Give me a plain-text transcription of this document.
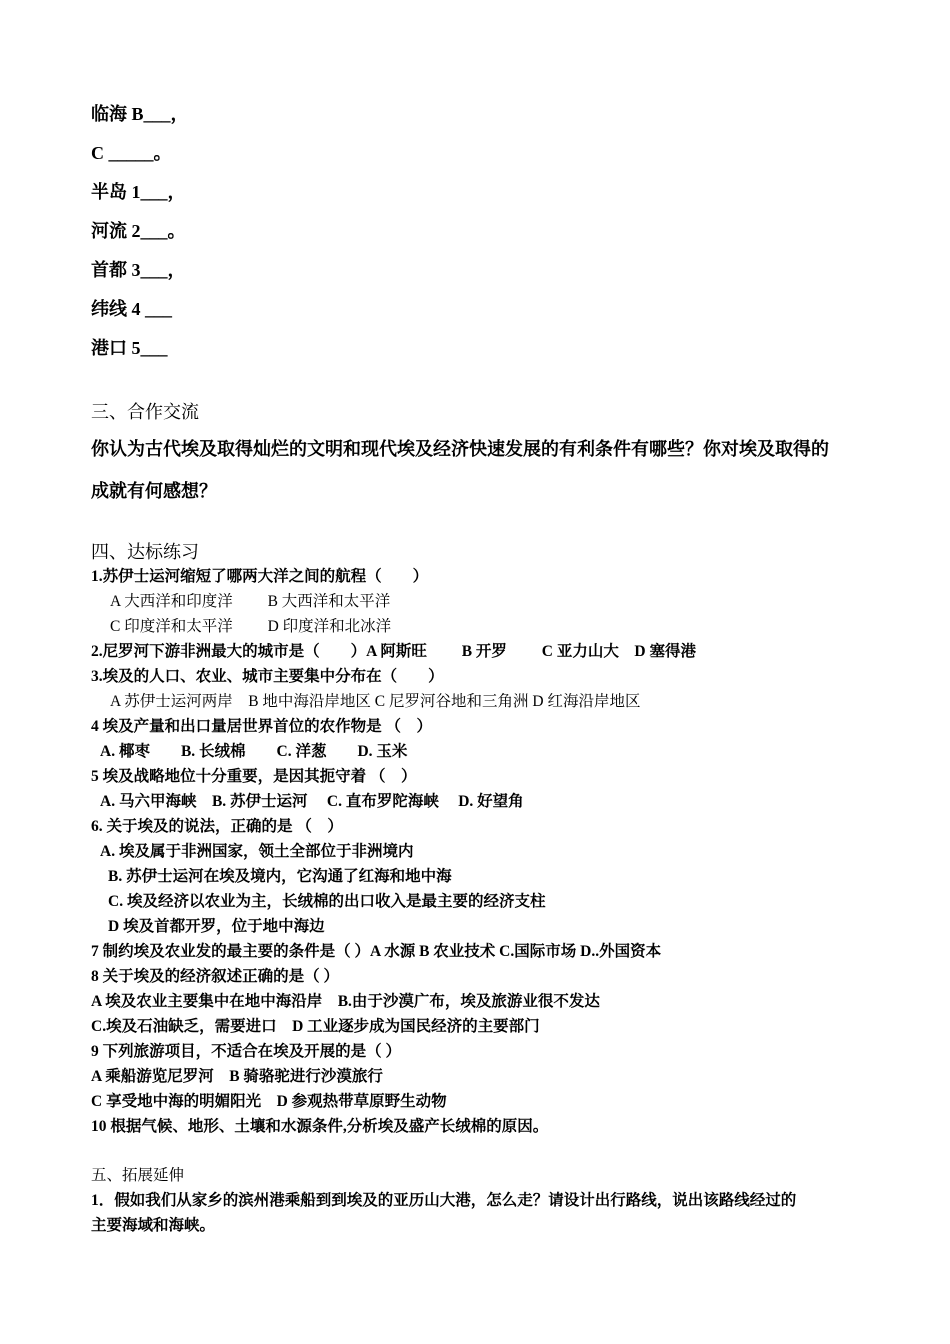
临海 B___，
C _____。
半岛 1___，
河流 2___。
首都 3___，
纬线 4 ___
港口 5___
三、合作交流
你认为古代埃及取得灿烂的文明和现代埃及经济快速发展的有利条件有哪些？你对埃及取得的
成就有何感想？
四、达标练习
1.苏伊士运河缩短了哪两大洋之间的航程（　　）
A 大西洋和印度洋　　 B 大西洋和太平洋
C 印度洋和太平洋　　 D 印度洋和北冰洋
2.尼罗河下游非洲最大的城市是（　　）A 阿斯旺　　 B 开罗　　 C 亚力山大　D 塞得港
3.埃及的人口、农业、城市主要集中分布在（　　）
A 苏伊士运河两岸　B 地中海沿岸地区 C 尼罗河谷地和三角洲 D 红海沿岸地区
4 埃及产量和出口量居世界首位的农作物是 （　）
A. 椰枣　　B. 长绒棉　　C. 洋葱　　D. 玉米
5 埃及战略地位十分重要，是因其扼守着 （　）
A. 马六甲海峡　B. 苏伊士运河　 C. 直布罗陀海峡　 D. 好望角
6. 关于埃及的说法，正确的是 （　）
A. 埃及属于非洲国家，领土全部位于非洲境内
B. 苏伊士运河在埃及境内，它沟通了红海和地中海
C. 埃及经济以农业为主，长绒棉的出口收入是最主要的经济支柱
D 埃及首都开罗，位于地中海边
7 制约埃及农业发的最主要的条件是（ ）A 水源 B 农业技术 C.国际市场 D..外国资本
8 关于埃及的经济叙述正确的是（ ）
A 埃及农业主要集中在地中海沿岸　B.由于沙漠广布，埃及旅游业很不发达
C.埃及石油缺乏，需要进口　D 工业逐步成为国民经济的主要部门
9 下列旅游项目，不适合在埃及开展的是（ ）
A 乘船游览尼罗河　B 骑骆驼进行沙漠旅行
C 享受地中海的明媚阳光　D 参观热带草原野生动物
10 根据气候、地形、土壤和水源条件,分析埃及盛产长绒棉的原因。
五、拓展延伸
1．假如我们从家乡的滨州港乘船到到埃及的亚历山大港，怎么走？请设计出行路线，说出该路线经过的
主要海域和海峡。
